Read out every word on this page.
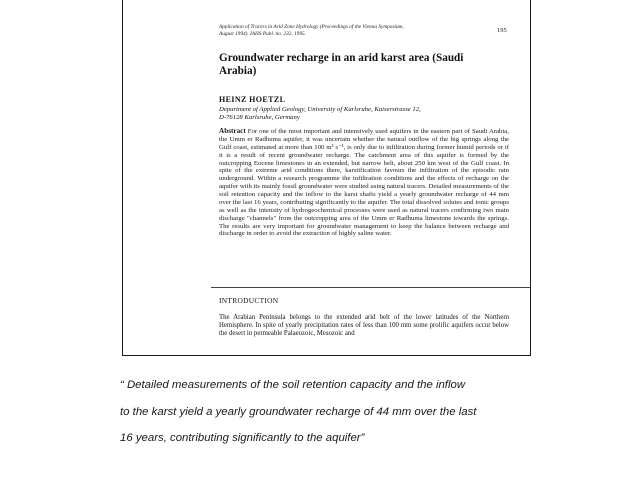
Application of Tracers in Arid Zone Hydrology (Proceedings of the Vienna Symposium,
August 1994). IAHS Publ. no. 232, 1995.	195
Groundwater recharge in an arid karst area (Saudi Arabia)
HEINZ HOETZL
Department of Applied Geology, University of Karlsruhe, Kaiserstrasse 12,
D-76128 Karlsruhe, Germany
Abstract For one of the most important and intensively used aquifers in the eastern part of Saudi Arabia, the Umm er Radhuma aquifer, it was uncertain whether the natural outflow of the big springs along the Gulf coast, estimated at more than 100 m³ s⁻¹, is only due to infiltration during former humid periods or if it is a result of recent groundwater recharge. The catchment area of this aquifer is formed by the outcropping Eocene limestones in an extended, but narrow belt, about 250 km west of the Gulf coast. In spite of the extreme arid conditions there, karstification favours the infiltration of the episodic rain underground. Within a research programme the infiltration conditions and the effects of recharge on the aquifer with its mainly fossil groundwater were studied using natural tracers. Detailed measurements of the soil retention capacity and the inflow to the karst shafts yield a yearly groundwater recharge of 44 mm over the last 16 years, contributing significantly to the aquifer. The total dissolved solutes and ionic groups as well as the intensity of hydrogeochemical processes were used as natural tracers confirming two main discharge "channels" from the outcropping area of the Umm er Radhuma limestone towards the springs. The results are very important for groundwater management to keep the balance between recharge and discharge in order to avoid the extraction of highly saline water.
INTRODUCTION
The Arabian Peninsula belongs to the extended arid belt of the lower latitudes of the Northern Hemisphere. In spite of yearly precipitation rates of less than 100 mm some prolific aquifers occur below the desert in permeable Palaeozoic, Mesozoic and
“ Detailed measurements of the soil retention capacity and the inflow
to the karst yield a yearly groundwater recharge of 44 mm over the last
16 years, contributing significantly to the aquifer”
